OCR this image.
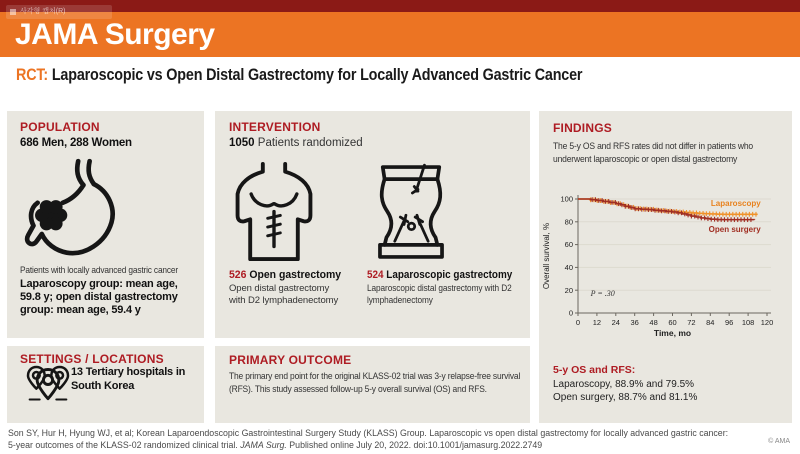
JAMA Surgery
사각형 캡처(R)
RCT: Laparoscopic vs Open Distal Gastrectomy for Locally Advanced Gastric Cancer
POPULATION
686 Men, 288 Women
Patients with locally advanced gastric cancer
Laparoscopy group: mean age, 59.8 y; open distal gastrectomy group: mean age, 59.4 y
SETTINGS / LOCATIONS
13 Tertiary hospitals in South Korea
INTERVENTION
1050 Patients randomized
526 Open gastrectomy
Open distal gastrectomy with D2 lymphadenectomy
524 Laparoscopic gastrectomy
Laparoscopic distal gastrectomy with D2 lymphadenectomy
PRIMARY OUTCOME
The primary end point for the original KLASS-02 trial was 3-y relapse-free survival (RFS). This study assessed follow-up 5-y overall survival (OS) and RFS.
FINDINGS
The 5-y OS and RFS rates did not differ in patients who underwent laparoscopic or open distal gastrectomy
0
20
40
60
80
100
0 12 24 36 48 60 72 84 96 108 120
Overall survival, %
Time, mo
P = .30
Laparoscopy
Open surgery
5-y OS and RFS:
Laparoscopy, 88.9% and 79.5%
Open surgery, 88.7% and 81.1%
Son SY, Hur H, Hyung WJ, et al; Korean Laparoendoscopic Gastrointestinal Surgery Study (KLASS) Group. Laparoscopic vs open distal gastrectomy for locally advanced gastric cancer:
5-year outcomes of the KLASS-02 randomized clinical trial. JAMA Surg. Published online July 20, 2022. doi:10.1001/jamasurg.2022.2749	© AMA
